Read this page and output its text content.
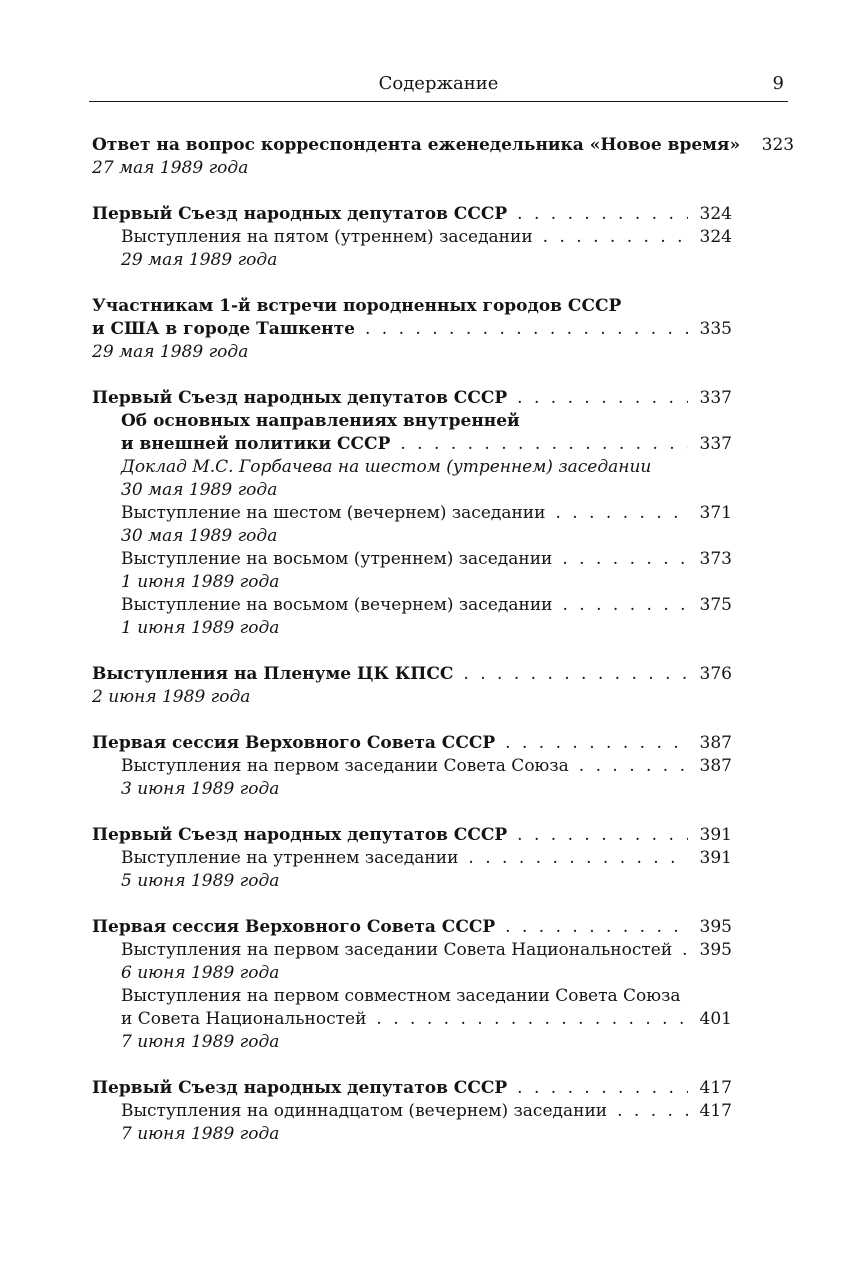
Содержание	9
Ответ на вопрос корреспондента еженедельника «Новое время» 323
27 мая 1989 года
Первый Съезд народных депутатов СССР . . .	324
Выступления на пятом (утреннем) заседании . . .	324
29 мая 1989 года
Участникам 1-й встречи породненных городов СССР
и США в городе Ташкенте . . .	335
29 мая 1989 года
Первый Съезд народных депутатов СССР . . .	337
Об основных направлениях внутренней
и внешней политики СССР . . .	337
Доклад М.С. Горбачева на шестом (утреннем) заседании
30 мая 1989 года
Выступление на шестом (вечернем) заседании . . .	371
30 мая 1989 года
Выступление на восьмом (утреннем) заседании . . .	373
1 июня 1989 года
Выступление на восьмом (вечернем) заседании . . .	375
1 июня 1989 года
Выступления на Пленуме ЦК КПСС . . .	376
2 июня 1989 года
Первая сессия Верховного Совета СССР . . .	387
Выступления на первом заседании Совета Союза . . .	387
3 июня 1989 года
Первый Съезд народных депутатов СССР . . .	391
Выступление на утреннем заседании . . .	391
5 июня 1989 года
Первая сессия Верховного Совета СССР . . .	395
Выступления на первом заседании Совета Национальностей . . . 395
6 июня 1989 года
Выступления на первом совместном заседании Совета Союза
и Совета Национальностей . . .	401
7 июня 1989 года
Первый Съезд народных депутатов СССР . . .	417
Выступления на одиннадцатом (вечернем) заседании . . .	417
7 июня 1989 года
